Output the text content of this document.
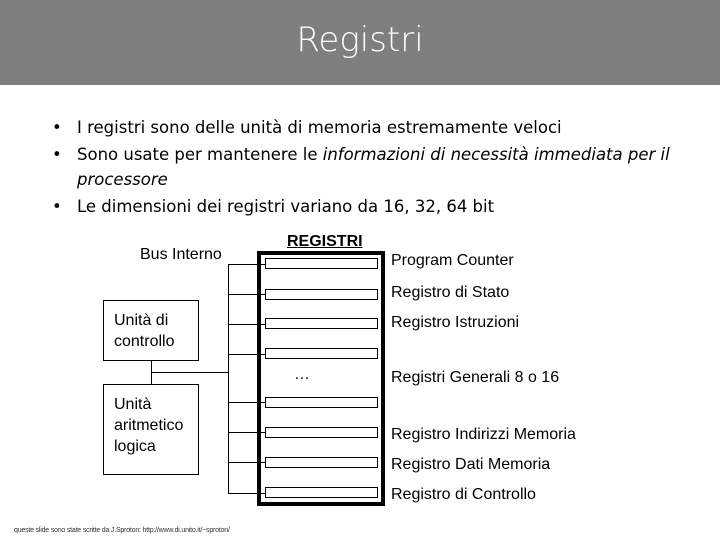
Registri
• I registri sono delle unità di memoria estremamente veloci
• Sono usate per mantenere le informazioni di necessità immediata per il processore
• Le dimensioni dei registri variano da 16, 32, 64 bit
Bus Interno
REGISTRI
Unità di controllo
Unità aritmetico logica
…
Program Counter
Registro di Stato
Registro Istruzioni
Registri Generali 8 o 16
Registro Indirizzi Memoria
Registro Dati Memoria
Registro di Controllo
queste slide sono state scritte da J.Sproton: http://www.di.unito.it/~sproton/
